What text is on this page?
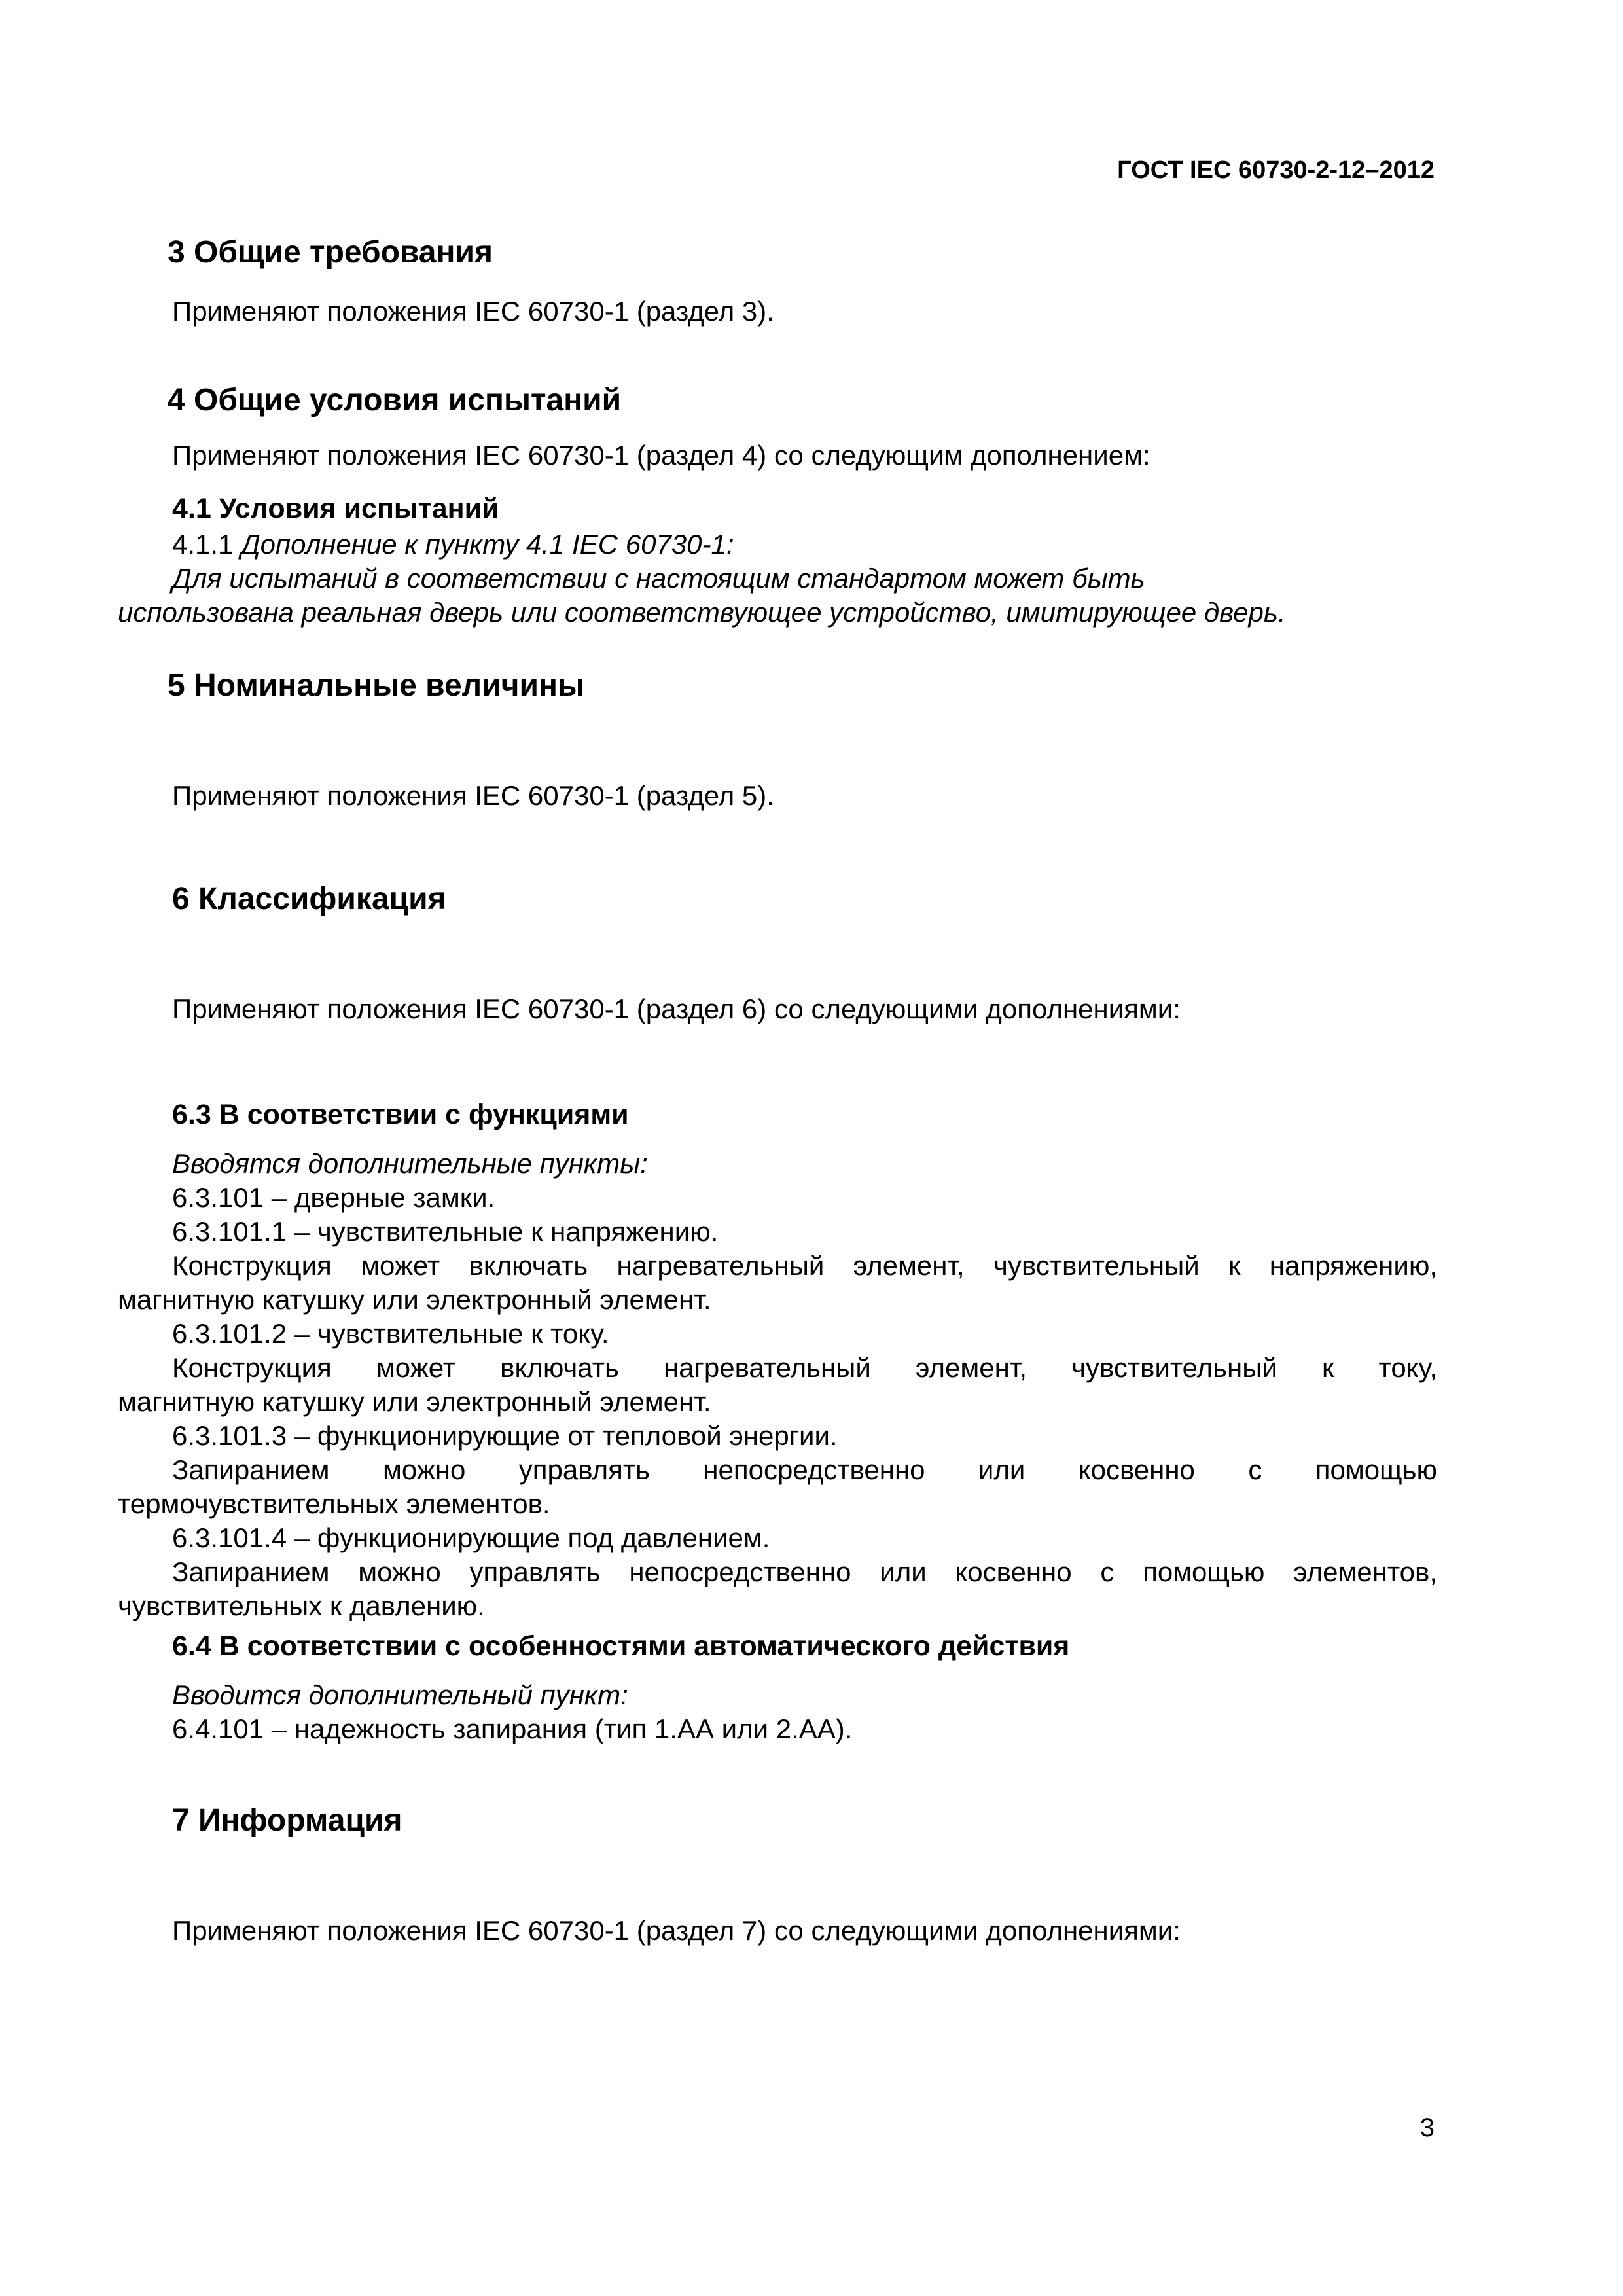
ГОСТ IEC 60730-2-12–2012
3 Общие требования
Применяют положения IEC 60730-1 (раздел 3).
4 Общие условия испытаний
Применяют положения IEC 60730-1 (раздел 4) со следующим дополнением:
4.1 Условия испытаний
4.1.1 Дополнение к пункту 4.1 IEC 60730-1:
Для испытаний в соответствии с настоящим стандартом может быть
использована реальная дверь или соответствующее устройство, имитирующее дверь.
5 Номинальные величины
Применяют положения IEC 60730-1 (раздел 5).
6 Классификация
Применяют положения IEC 60730-1 (раздел 6) со следующими дополнениями:
6.3 В соответствии с функциями
Вводятся дополнительные пункты:
6.3.101 – дверные замки.
6.3.101.1 – чувствительные к напряжению.
Конструкция может включать нагревательный элемент, чувствительный к напряжению,
магнитную катушку или электронный элемент.
6.3.101.2 – чувствительные к току.
Конструкция может включать нагревательный элемент, чувствительный к току,
магнитную катушку или электронный элемент.
6.3.101.3 – функционирующие от тепловой энергии.
Запиранием можно управлять непосредственно или косвенно с помощью
термочувствительных элементов.
6.3.101.4 – функционирующие под давлением.
Запиранием можно управлять непосредственно или косвенно с помощью элементов,
чувствительных к давлению.
6.4 В соответствии с особенностями автоматического действия
Вводится дополнительный пункт:
6.4.101 – надежность запирания (тип 1.АА или 2.АА).
7 Информация
Применяют положения IEC 60730-1 (раздел 7) со следующими дополнениями:
3
